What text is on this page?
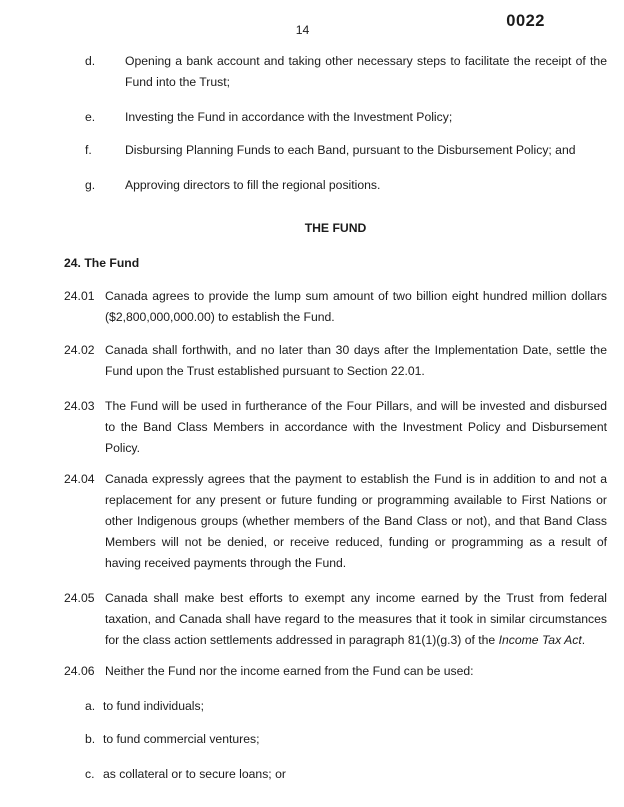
14	0022
d.	Opening a bank account and taking other necessary steps to facilitate the receipt of the Fund into the Trust;
e.	Investing the Fund in accordance with the Investment Policy;
f.	Disbursing Planning Funds to each Band, pursuant to the Disbursement Policy; and
g.	Approving directors to fill the regional positions.
THE FUND
24. The Fund
24.01 Canada agrees to provide the lump sum amount of two billion eight hundred million dollars ($2,800,000,000.00) to establish the Fund.
24.02 Canada shall forthwith, and no later than 30 days after the Implementation Date, settle the Fund upon the Trust established pursuant to Section 22.01.
24.03 The Fund will be used in furtherance of the Four Pillars, and will be invested and disbursed to the Band Class Members in accordance with the Investment Policy and Disbursement Policy.
24.04 Canada expressly agrees that the payment to establish the Fund is in addition to and not a replacement for any present or future funding or programming available to First Nations or other Indigenous groups (whether members of the Band Class or not), and that Band Class Members will not be denied, or receive reduced, funding or programming as a result of having received payments through the Fund.
24.05 Canada shall make best efforts to exempt any income earned by the Trust from federal taxation, and Canada shall have regard to the measures that it took in similar circumstances for the class action settlements addressed in paragraph 81(1)(g.3) of the Income Tax Act.
24.06 Neither the Fund nor the income earned from the Fund can be used:
a. to fund individuals;
b. to fund commercial ventures;
c. as collateral or to secure loans; or
